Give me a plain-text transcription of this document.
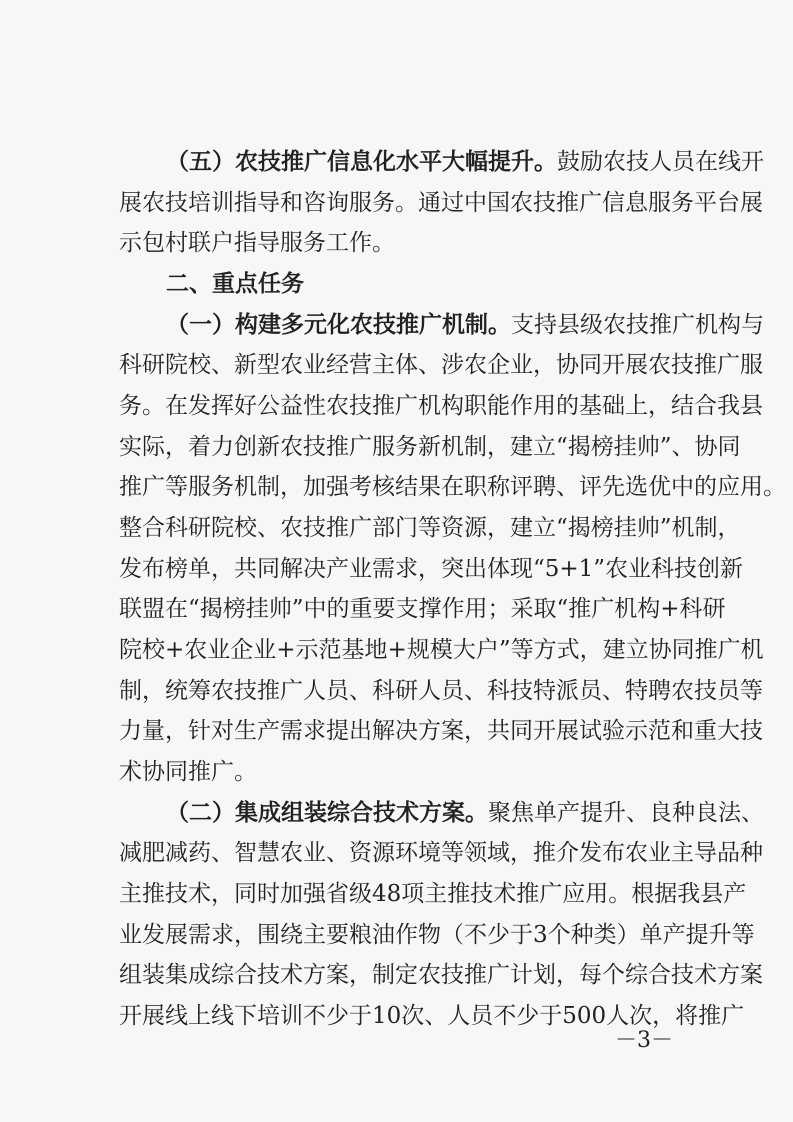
（五）农技推广信息化水平大幅提升。鼓励农技人员在线开
展农技培训指导和咨询服务。通过中国农技推广信息服务平台展
示包村联户指导服务工作。
二、重点任务
（一）构建多元化农技推广机制。支持县级农技推广机构与
科研院校、新型农业经营主体、涉农企业，协同开展农技推广服
务。在发挥好公益性农技推广机构职能作用的基础上，结合我县
实际，着力创新农技推广服务新机制，建立“揭榜挂帅”、协同
推广等服务机制，加强考核结果在职称评聘、评先选优中的应用。
整合科研院校、农技推广部门等资源，建立“揭榜挂帅”机制，
发布榜单，共同解决产业需求，突出体现“5+1”农业科技创新
联盟在“揭榜挂帅”中的重要支撑作用；采取“推广机构+科研
院校+农业企业+示范基地+规模大户”等方式，建立协同推广机
制，统筹农技推广人员、科研人员、科技特派员、特聘农技员等
力量，针对生产需求提出解决方案，共同开展试验示范和重大技
术协同推广。
（二）集成组装综合技术方案。聚焦单产提升、良种良法、
减肥减药、智慧农业、资源环境等领域，推介发布农业主导品种
主推技术，同时加强省级48项主推技术推广应用。根据我县产
业发展需求，围绕主要粮油作物（不少于3个种类）单产提升等
组装集成综合技术方案，制定农技推广计划，每个综合技术方案
开展线上线下培训不少于10次、人员不少于500人次，将推广
－3－
